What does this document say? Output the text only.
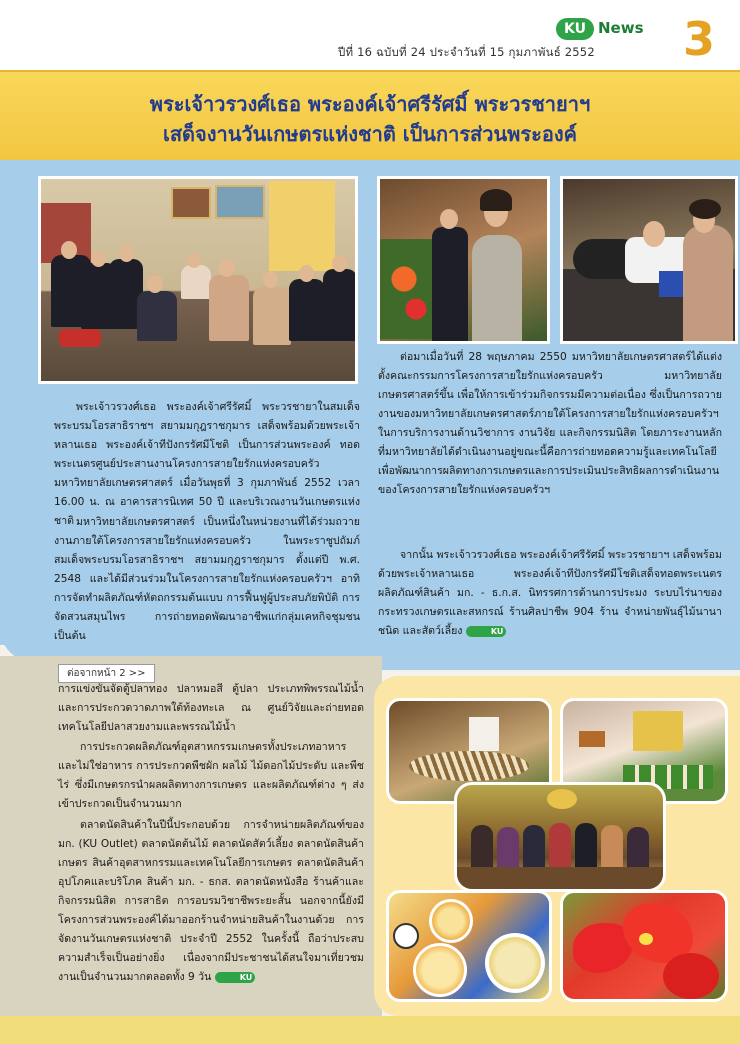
KU News
ปีที่ 16 ฉบับที่ 24 ประจำวันที่ 15 กุมภาพันธ์ 2552 3
พระเจ้าวรวงศ์เธอ พระองค์เจ้าศรีรัศมิ์ พระวรชายาฯ
เสด็จงานวันเกษตรแห่งชาติ เป็นการส่วนพระองค์

พระเจ้าวรวงศ์เธอ พระองค์เจ้าศรีรัศมิ์ พระวรชายาในสมเด็จพระบรมโอรสาธิราชฯ สยามมกุฎราชกุมาร เสด็จพร้อมด้วยพระเจ้าหลานเธอ พระองค์เจ้าทีปังกรรัศมีโชติ เป็นการส่วนพระองค์ ทอดพระเนตรศูนย์ประสานงานโครงการสายใยรักแห่งครอบครัว มหาวิทยาลัยเกษตรศาสตร์ เมื่อวันพุธที่ 3 กุมภาพันธ์ 2552 เวลา 16.00 น. ณ อาคารสารนิเทศ 50 ปี และบริเวณงานวันเกษตรแห่งชาติ มหาวิทยาลัยเกษตรศาสตร์ เป็นหนึ่งในหน่วยงานที่ได้ร่วมถวายงานภายใต้โครงการสายใยรักแห่งครอบครัว ในพระราชูปถัมภ์สมเด็จพระบรมโอรสาธิราชฯ สยามมกุฎราชกุมาร ตั้งแต่ปี พ.ศ. 2548 และได้มีส่วนร่วมในโครงการสายใยรักแห่งครอบครัวฯ อาทิการจัดทำผลิตภัณฑ์หัตถกรรมต้นแบบ การฟื้นฟูผู้ประสบภัยพิบัติ การจัดสวนสมุนไพร การถ่ายทอดพัฒนาอาชีพแก่กลุ่มเคหกิจชุมชน เป็นต้น

ต่อมาเมื่อวันที่ 28 พฤษภาคม 2550 มหาวิทยาลัยเกษตรศาสตร์ได้แต่งตั้งคณะกรรมการโครงการสายใยรักแห่งครอบครัว มหาวิทยาลัยเกษตรศาสตร์ขึ้น เพื่อให้การเข้าร่วมกิจกรรมมีความต่อเนื่อง ซึ่งเป็นการถวายงานของมหาวิทยาลัยเกษตรศาสตร์ภายใต้โครงการสายใยรักแห่งครอบครัวฯ ในการบริการงานด้านวิชาการ งานวิจัย และกิจกรรมนิสิต โดยภาระงานหลักที่มหาวิทยาลัยได้ดำเนินงานอยู่ขณะนี้คือการถ่ายทอดความรู้และเทคโนโลยีเพื่อพัฒนาการผลิตทางการเกษตรและการประเมินประสิทธิผลการดำเนินงานของโครงการสายใยรักแห่งครอบครัวฯ

จากนั้น พระเจ้าวรวงศ์เธอ พระองค์เจ้าศรีรัศมิ์ พระวรชายาฯ เสด็จพร้อมด้วยพระเจ้าหลานเธอ พระองค์เจ้าทีปังกรรัศมีโชติเสด็จทอดพระเนตรผลิตภัณฑ์สินค้า มก. - ธ.ก.ส. นิทรรศการด้านการประมง ระบบไร่นาของกระทรวงเกษตรและสหกรณ์ ร้านศิลปาชีพ 904 ร้าน จำหน่ายพันธุ์ไม้นานาชนิด และสัตว์เลี้ยง	KU

ต่อจากหน้า 2 >>

การแข่งขันจัดตู้ปลาทอง ปลาหมอสี ตู้ปลา ประเภทพิพรรณไม้น้ำ และการประกวดวาดภาพใต้ท้องทะเล ณ ศูนย์วิจัยและถ่ายทอดเทคโนโลยีปลาสวยงามและพรรณไม้น้ำ

การประกวดผลิตภัณฑ์อุตสาหกรรมเกษตรทั้งประเภทอาหาร และไม่ใช่อาหาร การประกวดพืชผัก ผลไม้ ไม้ดอกไม้ประดับ และพืชไร่ ซึ่งมีเกษตรกรนำผลผลิตทางการเกษตร และผลิตภัณฑ์ต่าง ๆ ส่งเข้าประกวดเป็นจำนวนมาก

ตลาดนัดสินค้าในปีนี้ประกอบด้วย การจำหน่ายผลิตภัณฑ์ของ มก. (KU Outlet) ตลาดนัดต้นไม้ ตลาดนัดสัตว์เลี้ยง ตลาดนัดสินค้าเกษตร สินค้าอุตสาหกรรมและเทคโนโลยีการเกษตร ตลาดนัดสินค้าอุปโภคและบริโภค สินค้า มก. - ธกส. ตลาดนัดหนังสือ ร้านค้าและกิจกรรมนิสิต การสาธิต การอบรมวิชาชีพระยะสั้น นอกจากนี้ยังมีโครงการส่วนพระองค์ได้มาออกร้านจำหน่ายสินค้าในงานด้วย การจัดงานวันเกษตรแห่งชาติ ประจำปี 2552 ในครั้งนี้ ถือว่าประสบความสำเร็จเป็นอย่างยิ่ง เนื่องจากมีประชาชนได้สนใจมาเที่ยวชมงานเป็นจำนวนมากตลอดทั้ง 9 วัน	KU
